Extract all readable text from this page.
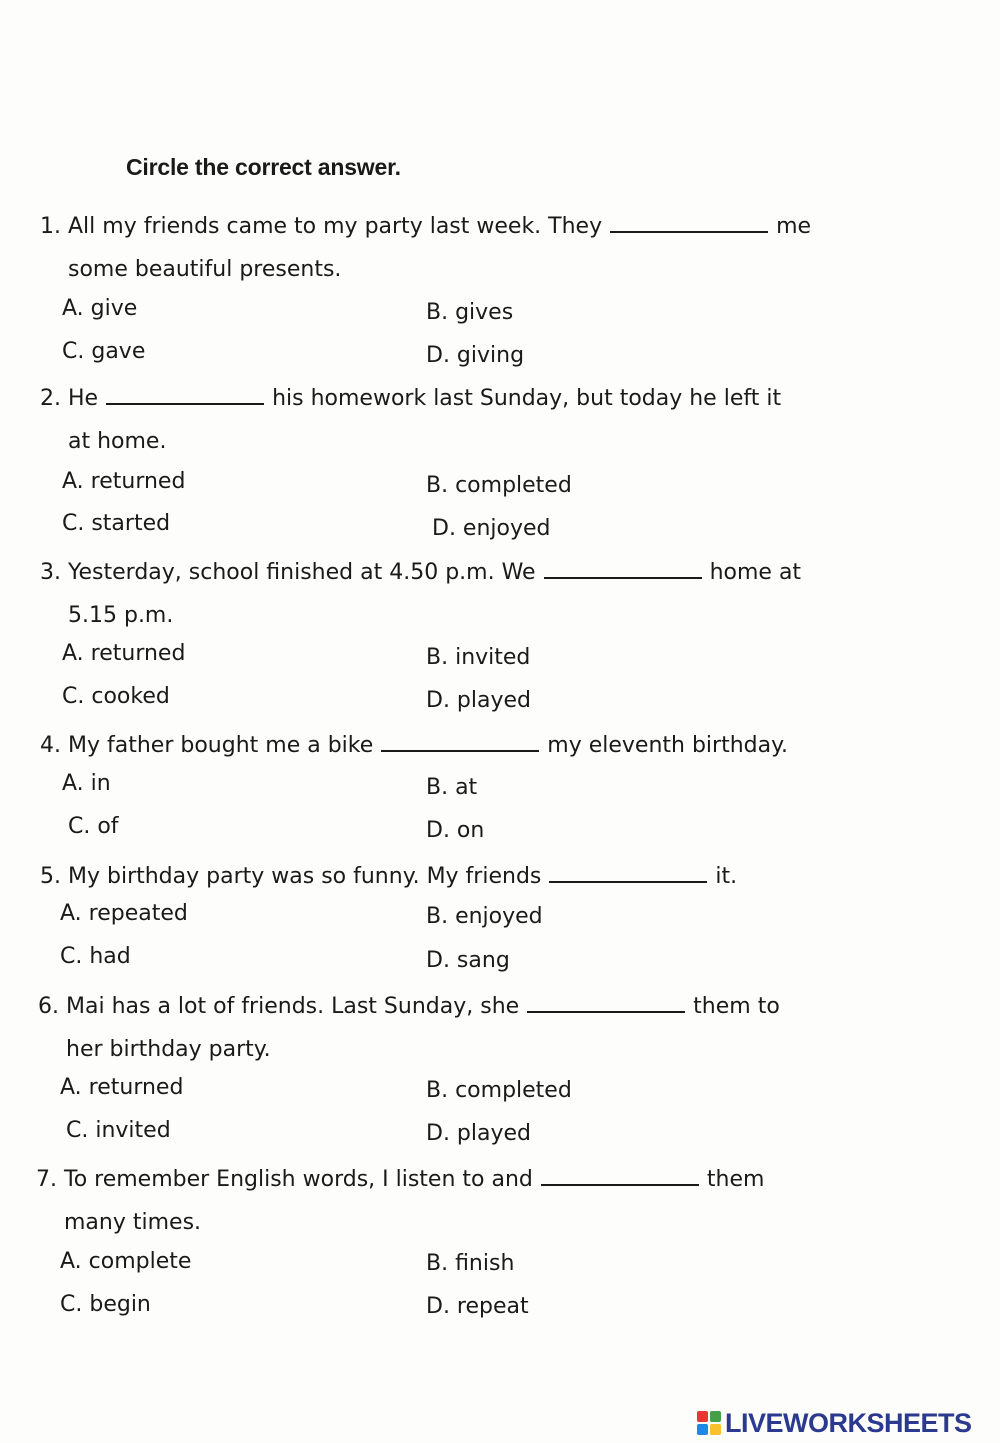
Circle the correct answer.
1. All my friends came to my party last week. They	me
some beautiful presents.
A. give	B. gives
C. gave	D. giving
2. He	his homework last Sunday, but today he left it
at home.
A. returned	B. completed
C. started	D. enjoyed
3. Yesterday, school finished at 4.50 p.m. We	home at
5.15 p.m.
A. returned	B. invited
C. cooked	D. played
4. My father bought me a bike	my eleventh birthday.
A. in	B. at
C. of	D. on
5. My birthday party was so funny. My friends	it.
A. repeated	B. enjoyed
C. had	D. sang
6. Mai has a lot of friends. Last Sunday, she	them to
her birthday party.
A. returned	B. completed
C. invited	D. played
7. To remember English words, I listen to and	them
many times.
A. complete	B. finish
C. begin	D. repeat
LIVEWORKSHEETS
